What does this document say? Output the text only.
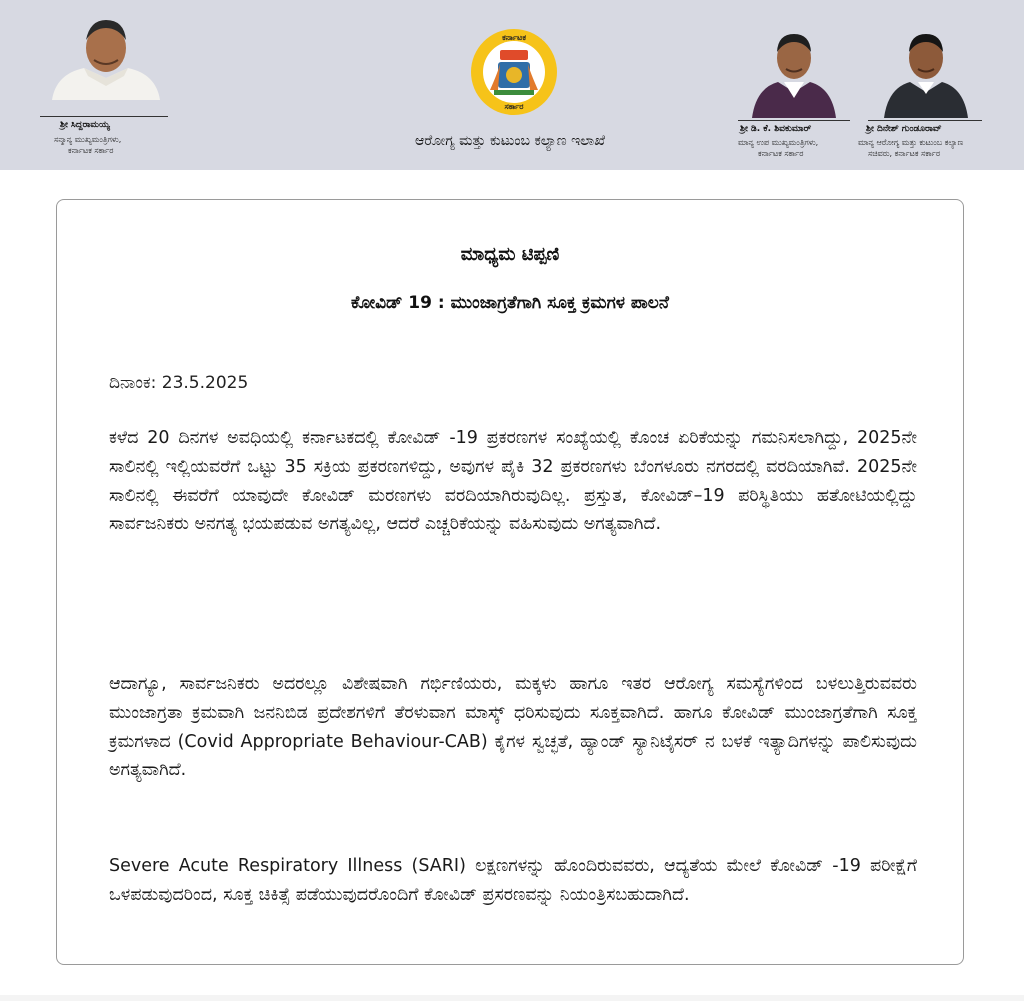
ಶ್ರೀ ಸಿದ್ದರಾಮಯ್ಯ
ಸನ್ಮಾನ್ಯ ಮುಖ್ಯಮಂತ್ರಿಗಳು,
ಕರ್ನಾಟಕ ಸರ್ಕಾರ
ಕರ್ನಾಟಕ
ಸರ್ಕಾರ
ಆರೋಗ್ಯ ಮತ್ತು ಕುಟುಂಬ ಕಲ್ಯಾಣ ಇಲಾಖೆ
ಶ್ರೀ ಡಿ. ಕೆ. ಶಿವಕುಮಾರ್
ಮಾನ್ಯ ಉಪ ಮುಖ್ಯಮಂತ್ರಿಗಳು,
ಕರ್ನಾಟಕ ಸರ್ಕಾರ
ಶ್ರೀ ದಿನೇಶ್ ಗುಂಡೂರಾವ್
ಮಾನ್ಯ ಆರೋಗ್ಯ ಮತ್ತು ಕುಟುಂಬ ಕಲ್ಯಾಣ
ಸಚಿವರು, ಕರ್ನಾಟಕ ಸರ್ಕಾರ
ಮಾಧ್ಯಮ ಟಿಪ್ಪಣಿ
ಕೋವಿಡ್ 19 : ಮುಂಜಾಗ್ರತೆಗಾಗಿ ಸೂಕ್ತ ಕ್ರಮಗಳ ಪಾಲನೆ
ದಿನಾಂಕ: 23.5.2025

ಕಳೆದ 20 ದಿನಗಳ ಅವಧಿಯಲ್ಲಿ ಕರ್ನಾಟಕದಲ್ಲಿ ಕೋವಿಡ್ -19 ಪ್ರಕರಣಗಳ ಸಂಖ್ಯೆಯಲ್ಲಿ ಕೊಂಚ ಏರಿಕೆಯನ್ನು ಗಮನಿಸಲಾಗಿದ್ದು, 2025ನೇ ಸಾಲಿನಲ್ಲಿ ಇಲ್ಲಿಯವರೆಗೆ ಒಟ್ಟು 35 ಸಕ್ರಿಯ ಪ್ರಕರಣಗಳಿದ್ದು, ಅವುಗಳ ಪೈಕಿ 32 ಪ್ರಕರಣಗಳು ಬೆಂಗಳೂರು ನಗರದಲ್ಲಿ ವರದಿಯಾಗಿವೆ. 2025ನೇ ಸಾಲಿನಲ್ಲಿ ಈವರೆಗೆ ಯಾವುದೇ ಕೋವಿಡ್ ಮರಣಗಳು ವರದಿಯಾಗಿರುವುದಿಲ್ಲ. ಪ್ರಸ್ತುತ, ಕೋವಿಡ್–19 ಪರಿಸ್ಥಿತಿಯು ಹತೋಟಿಯಲ್ಲಿದ್ದು ಸಾರ್ವಜನಿಕರು ಅನಗತ್ಯ ಭಯಪಡುವ ಅಗತ್ಯವಿಲ್ಲ, ಆದರೆ ಎಚ್ಚರಿಕೆಯನ್ನು ವಹಿಸುವುದು ಅಗತ್ಯವಾಗಿದೆ.

ಆದಾಗ್ಯೂ, ಸಾರ್ವಜನಿಕರು ಅದರಲ್ಲೂ ವಿಶೇಷವಾಗಿ ಗರ್ಭಿಣಿಯರು, ಮಕ್ಕಳು ಹಾಗೂ ಇತರ ಆರೋಗ್ಯ ಸಮಸ್ಯೆಗಳಿಂದ ಬಳಲುತ್ತಿರುವವರು ಮುಂಜಾಗ್ರತಾ ಕ್ರಮವಾಗಿ ಜನನಿಬಿಡ ಪ್ರದೇಶಗಳಿಗೆ ತೆರಳುವಾಗ ಮಾಸ್ಕ್ ಧರಿಸುವುದು ಸೂಕ್ತವಾಗಿದೆ. ಹಾಗೂ ಕೋವಿಡ್ ಮುಂಜಾಗ್ರತೆಗಾಗಿ ಸೂಕ್ತ ಕ್ರಮಗಳಾದ (Covid Appropriate Behaviour-CAB) ಕೈಗಳ ಸ್ವಚ್ಛತೆ, ಹ್ಯಾಂಡ್ ಸ್ಯಾನಿಟೈಸರ್ ನ ಬಳಕೆ ಇತ್ಯಾದಿಗಳನ್ನು ಪಾಲಿಸುವುದು ಅಗತ್ಯವಾಗಿದೆ.

Severe Acute Respiratory Illness (SARI) ಲಕ್ಷಣಗಳನ್ನು ಹೊಂದಿರುವವರು, ಆದ್ಯತೆಯ ಮೇಲೆ ಕೋವಿಡ್ -19 ಪರೀಕ್ಷೆಗೆ ಒಳಪಡುವುದರಿಂದ, ಸೂಕ್ತ ಚಿಕಿತ್ಸೆ ಪಡೆಯುವುದರೊಂದಿಗೆ ಕೋವಿಡ್ ಪ್ರಸರಣವನ್ನು ನಿಯಂತ್ರಿಸಬಹುದಾಗಿದೆ.
